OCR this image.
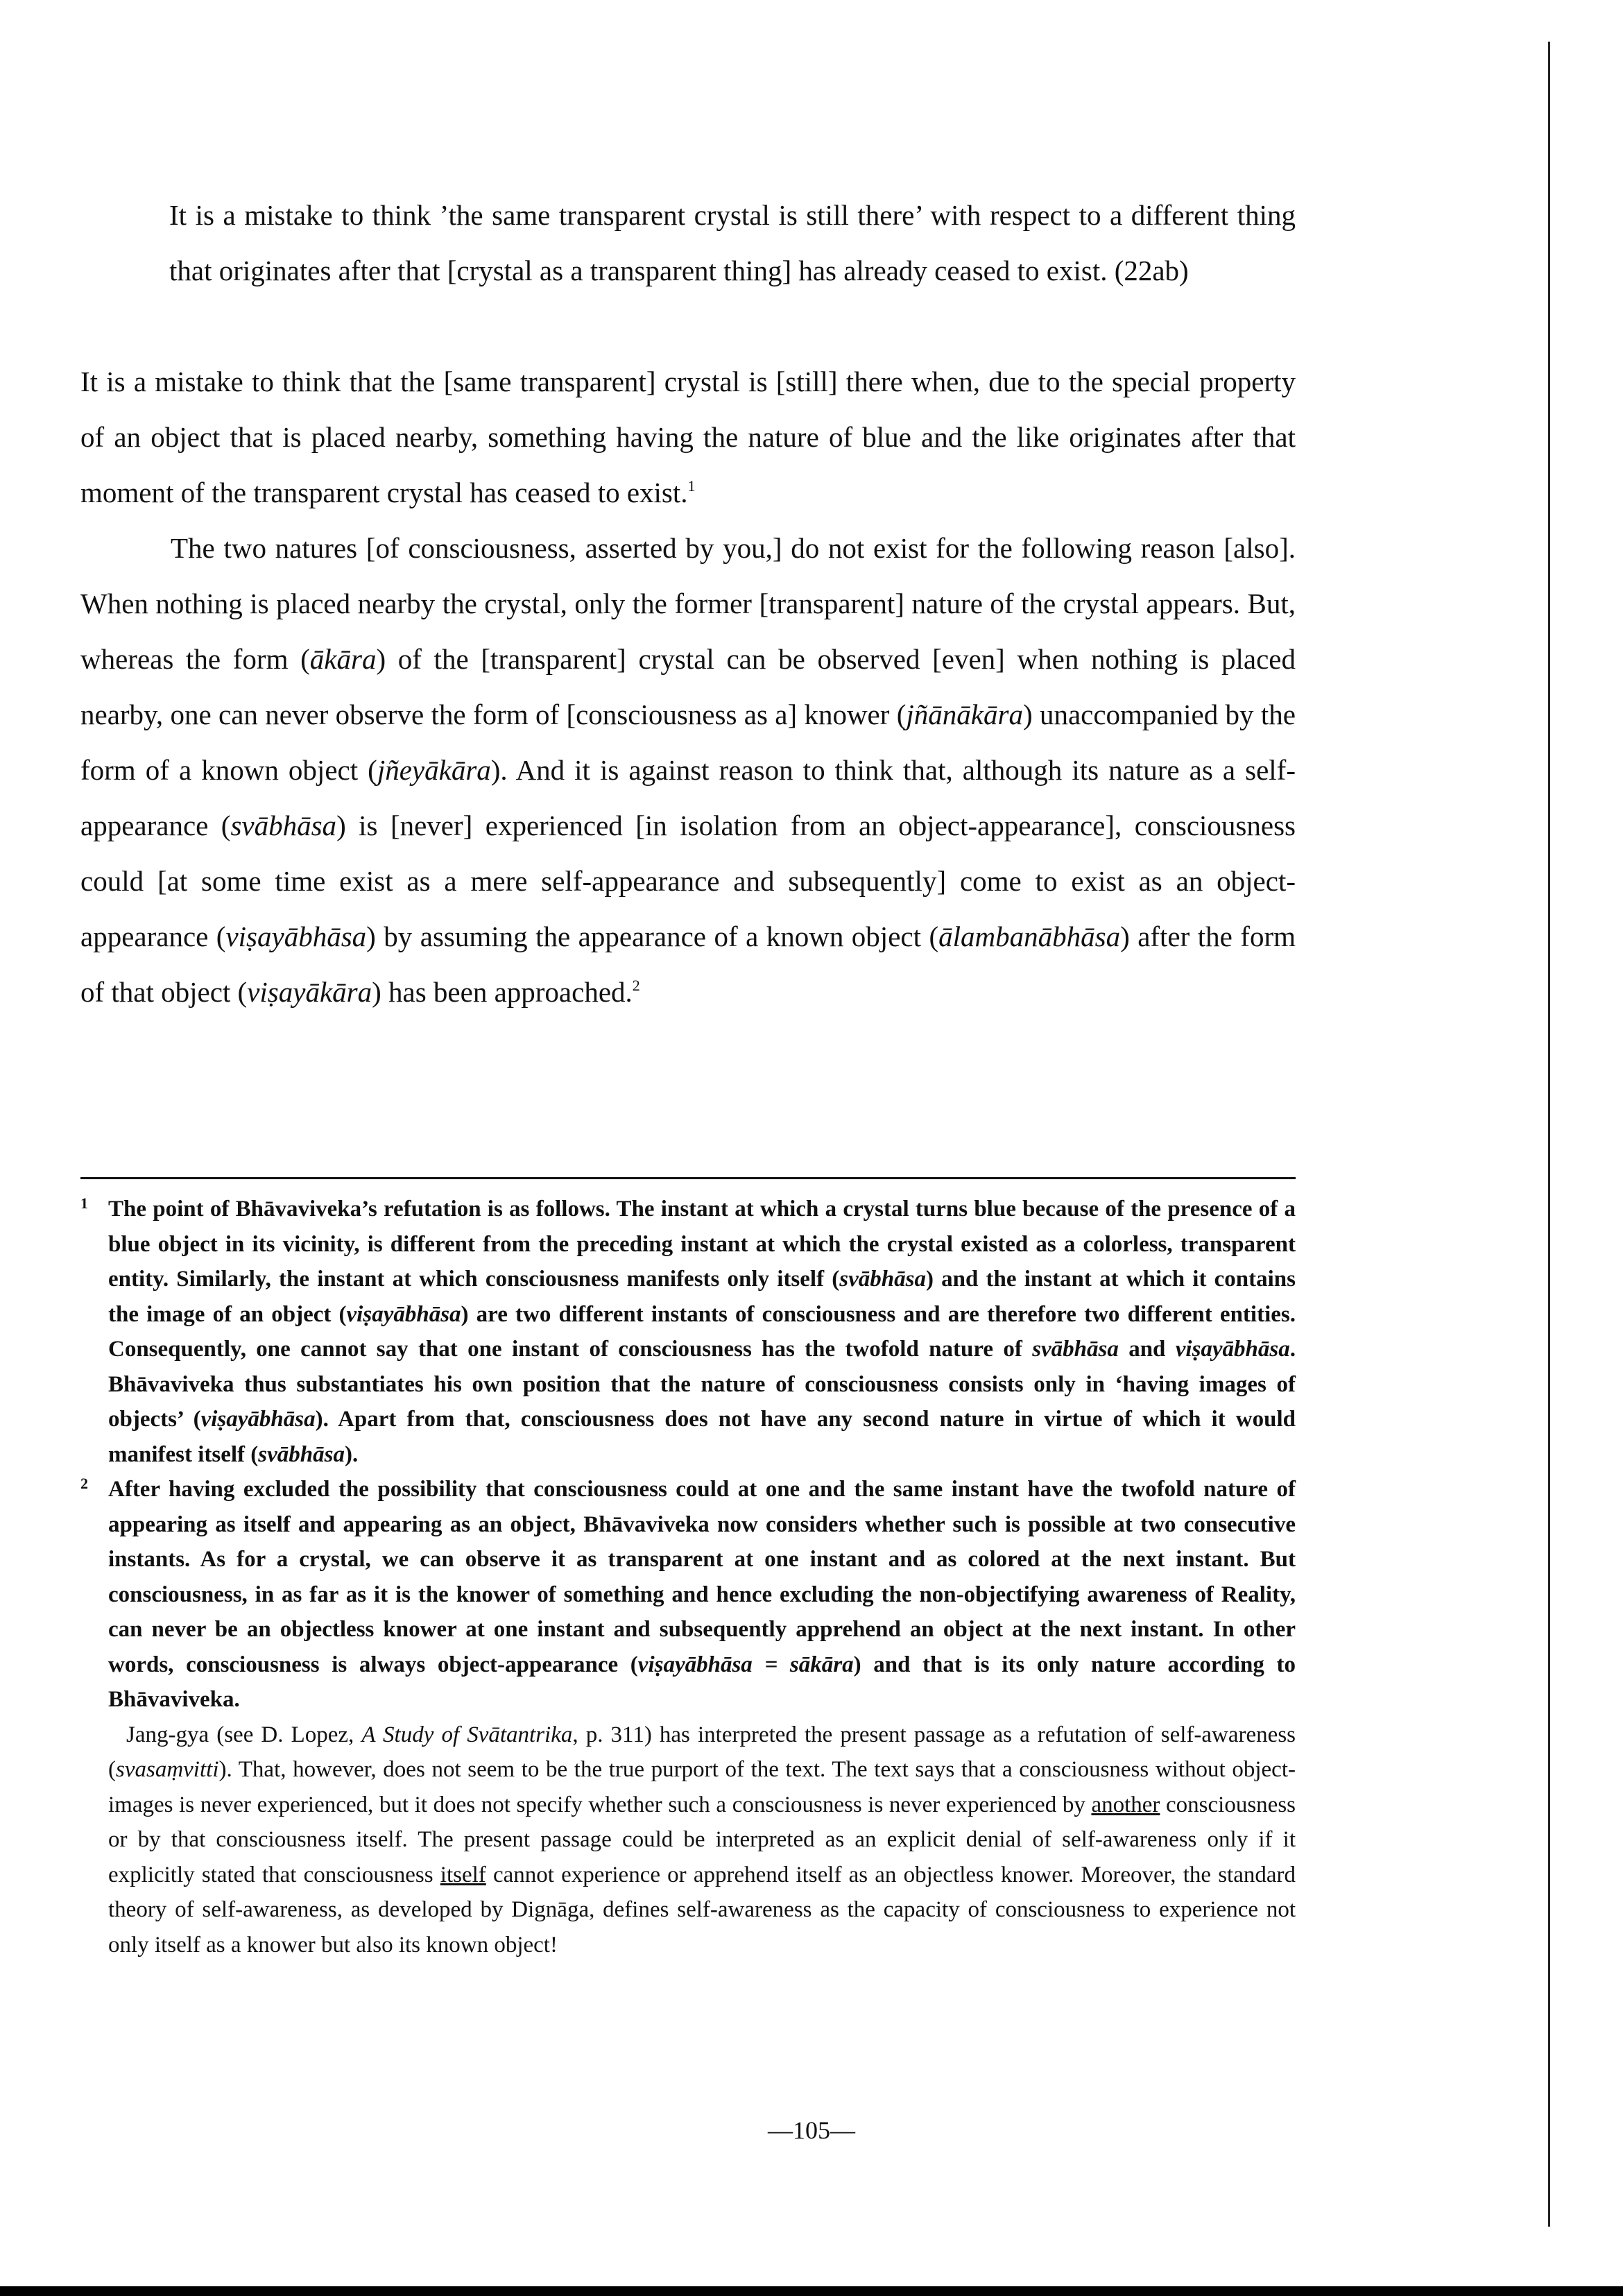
It is a mistake to think ’the same transparent crystal is still there’ with respect to a different thing that originates after that [crystal as a transparent thing] has already ceased to exist. (22ab)

It is a mistake to think that the [same transparent] crystal is [still] there when, due to the special property of an object that is placed nearby, something having the nature of blue and the like originates after that moment of the transparent crystal has ceased to exist.$^1$

The two natures [of consciousness, asserted by you,] do not exist for the following reason [also]. When nothing is placed nearby the crystal, only the former [transparent] nature of the crystal appears. But, whereas the form (ākāra) of the [transparent] crystal can be observed [even] when nothing is placed nearby, one can never observe the form of [consciousness as a] knower (jñānākāra) unaccompanied by the form of a known object (jñeyākāra). And it is against reason to think that, although its nature as a self-appearance (svābhāsa) is [never] experienced [in isolation from an object-appearance], consciousness could [at some time exist as a mere self-appearance and subsequently] come to exist as an object-appearance (viṣayābhāsa) by assuming the appearance of a known object (ālambanābhāsa) after the form of that object (viṣayākāra) has been approached.$^2$

1 The point of Bhāvaviveka’s refutation is as follows. The instant at which a crystal turns blue because of the presence of a blue object in its vicinity, is different from the preceding instant at which the crystal existed as a colorless, transparent entity. Similarly, the instant at which consciousness manifests only itself (svābhāsa) and the instant at which it contains the image of an object (viṣayābhāsa) are two different instants of consciousness and are therefore two different entities. Consequently, one cannot say that one instant of consciousness has the twofold nature of svābhāsa and viṣayābhāsa. Bhāvaviveka thus substantiates his own position that the nature of consciousness consists only in ‘having images of objects’ (viṣayābhāsa). Apart from that, consciousness does not have any second nature in virtue of which it would manifest itself (svābhāsa).

2 After having excluded the possibility that consciousness could at one and the same instant have the twofold nature of appearing as itself and appearing as an object, Bhāvaviveka now considers whether such is possible at two consecutive instants. As for a crystal, we can observe it as transparent at one instant and as colored at the next instant. But consciousness, in as far as it is the knower of something and hence excluding the non-objectifying awareness of Reality, can never be an objectless knower at one instant and subsequently apprehend an object at the next instant. In other words, consciousness is always object-appearance (viṣayābhāsa = sākāra) and that is its only nature according to Bhāvaviveka.

Jang-gya (see D. Lopez, A Study of Svātantrika, p. 311) has interpreted the present passage as a refutation of self-awareness (svasaṃvitti). That, however, does not seem to be the true purport of the text. The text says that a consciousness without object-images is never experienced, but it does not specify whether such a consciousness is never experienced by another consciousness or by that consciousness itself. The present passage could be interpreted as an explicit denial of self-awareness only if it explicitly stated that consciousness itself cannot experience or apprehend itself as an objectless knower. Moreover, the standard theory of self-awareness, as developed by Dignāga, defines self-awareness as the capacity of consciousness to experience not only itself as a knower but also its known object!

—105—
